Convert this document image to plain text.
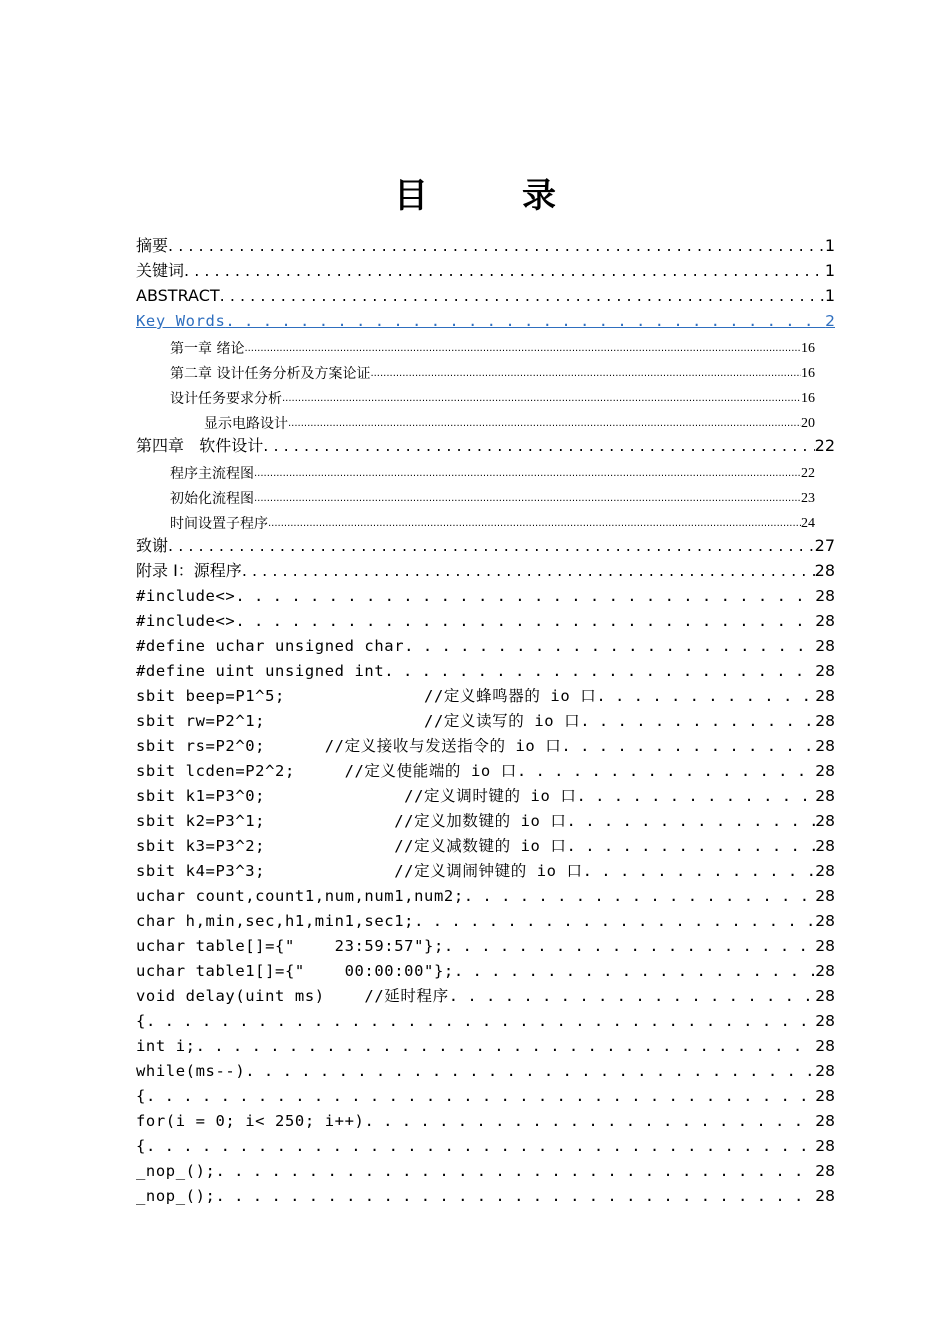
目　录
摘要 . . .	1
关键词 . . .	1
ABSTRACT . . .	1
Key Words . . .	2
第一章 绪论 .....	16
第二章 设计任务分析及方案论证 .....	16
设计任务要求分析 .....	16
显示电路设计 .....	20
第四章   软件设计 . . .	22
程序主流程图 .....	22
初始化流程图 .....	23
时间设置子程序 .....	24
致谢 . . .	27
附录 I：源程序 . . .	28
#include<> . . .	28
#include<> . . .	28
#define uchar unsigned char . . .	28
#define uint unsigned int . . .	28
sbit beep=P1^5;              //定义蜂鸣器的 io 口 . . .	28
sbit rw=P2^1;                //定义读写的 io 口 . . .	28
sbit rs=P2^0;      //定义接收与发送指令的 io 口 . . .	28
sbit lcden=P2^2;     //定义使能端的 io 口 . . .	28
sbit k1=P3^0;              //定义调时键的 io 口 . . .	28
sbit k2=P3^1;             //定义加数键的 io 口 . . .	28
sbit k3=P3^2;             //定义减数键的 io 口 . . .	28
sbit k4=P3^3;             //定义调闹钟键的 io 口 . . .	28
uchar count,count1,num,num1,num2; . . .	28
char h,min,sec,h1,min1,sec1; . . .	28
uchar table[]={"    23:59:57"}; . . .	28
uchar table1[]={"    00:00:00"}; . . .	28
void delay(uint ms)    //延时程序 . . .	28
{ . . .	28
int i; . . .	28
while(ms--) . . .	28
{ . . .	28
for(i = 0; i< 250; i++) . . .	28
{ . . .	28
_nop_(); . . .	28
_nop_(); . . .	28
